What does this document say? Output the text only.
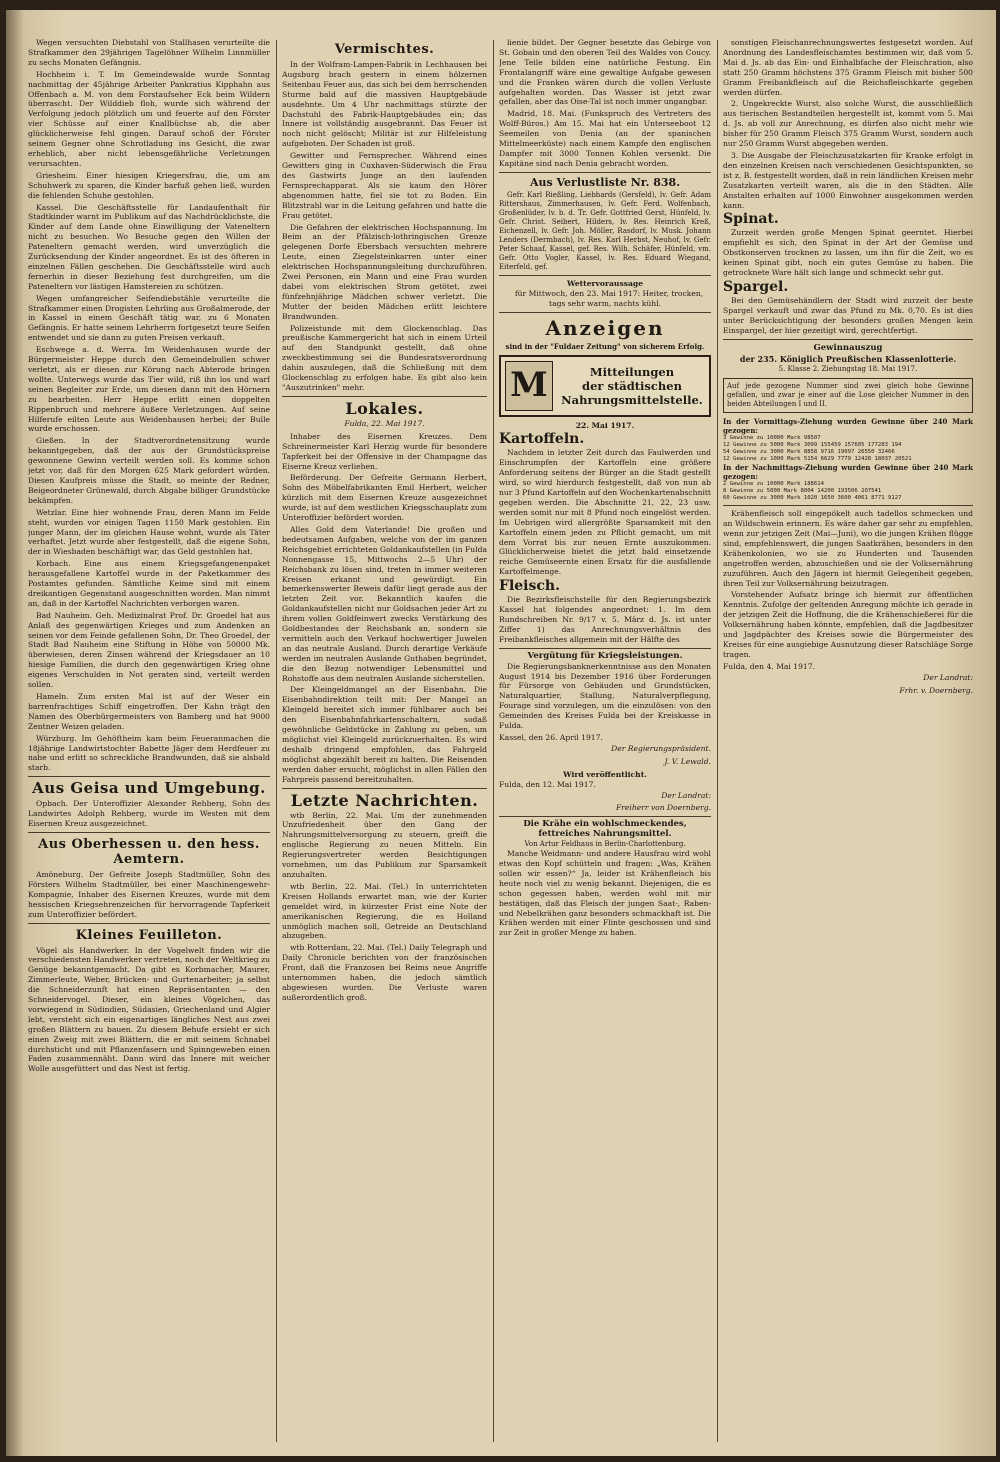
Wegen versuchten Diebstahl von Stallhasen verurteilte die Strafkammer den 29jährigen Tagelöhner Wilhelm Linnmüller zu sechs Monaten Gefängnis.

Hochheim i. T. Im Gemeindewalde wurde Sonntag nachmittag der 45jährige Arbeiter Pankratius Kipphahn aus Offenbach a. M. von dem Forstaufseher Eck beim Wildern überrascht. Der Wilddieb floh, wurde sich während der Verfolgung jedoch plötzlich um und feuerte auf den Förster vier Schüsse auf einer Knallbüchse ab, die aber glücklicherweise fehl gingen. Darauf schoß der Förster seinem Gegner ohne Schrotladung ins Gesicht, die zwar erheblich, aber nicht lebensgefährliche Verletzungen verursachten.

Griesheim. Einer hiesigen Kriegersfrau, die, um am Schuhwerk zu sparen, die Kinder barfuß gehen ließ, wurden die fehlenden Schuhe gestohlen.

Kassel. Die Geschäftsstelle für Landaufenthalt für Stadtkinder warnt im Publikum auf das Nachdrücklichste, die Kinder auf dem Lande ohne Einwilligung der Vateneltern nicht zu besuchen. Wo Besuche gegen den Willen der Pateneltern gemacht werden, wird unverzüglich die Zurücksendung der Kinder angeordnet. Es ist des öfteren in einzelnen Fällen geschehen. Die Geschäftsstelle wird auch fernerhin in dieser Beziehung fest durchgreifen, um die Pateneltern vor lästigen Hamstereien zu schützen.

Wegen umfangreicher Seifendiebstähle verurteilte die Strafkammer einen Drogisten Lehrling aus Großalmerode, der in Kassel in einem Geschäft tätig war, zu 6 Monaten Gefängnis. Er hatte seinem Lehrherrn fortgesetzt teure Seifen entwendet und sie dann zu guten Preisen verkauft.

Eschwege a. d. Werra. Im Weidenhausen wurde der Bürgermeister Heppe durch den Gemeindebullen schwer verletzt, als er diesen zur Körung nach Abterode bringen wollte. Unterwegs wurde das Tier wild, riß ihn los und warf seinen Begleiter zur Erde, um diesen dann mit den Hörnern zu bearbeiten. Herr Heppe erlitt einen doppelten Rippenbruch und mehrere äußere Verletzungen. Auf seine Hilferufe eilten Leute aus Weidenhausen herbei; der Bulle wurde erschossen.

Gießen. In der Stadtverordnetensitzung wurde bekanntgegeben, daß der aus der Grundstückspreise gewonnene Gewinn verteilt werden soll. Es komme schon jetzt vor, daß für den Morgen 625 Mark gefordert würden. Diesen Kaufpreis müsse die Stadt, so meinte der Redner, Beigeordneter Grünewald, durch Abgabe billiger Grundstücke bekämpfen.

Wetzlar. Eine hier wohnende Frau, deren Mann im Felde steht, wurden vor einigen Tagen 1150 Mark gestohlen. Ein junger Mann, der im gleichen Hause wohnt, wurde als Täter verhaftet. Jetzt wurde aber festgestellt, daß die eigene Sohn, der in Wiesbaden beschäftigt war, das Geld gestohlen hat.

Korbach. Eine aus einem Kriegsgefangenenpaket herausgefallene Kartoffel wurde in der Paketkammer des Postamtes gefunden. Sämtliche Keime sind mit einem dreikantigen Gegenstand ausgeschnitten worden. Man nimmt an, daß in der Kartoffel Nachrichten verborgen waren.

Bad Nauheim. Geh. Medizinalrat Prof. Dr. Groedel hat aus Anlaß des gegenwärtigen Krieges und zum Andenken an seinen vor dem Feinde gefallenen Sohn, Dr. Theo Groedel, der Stadt Bad Nauheim eine Stiftung in Höhe von 50000 Mk. überwiesen, deren Zinsen während der Kriegsdauer an 10 hiesige Familien, die durch den gegenwärtigen Krieg ohne eigenes Verschulden in Not geraten sind, verteilt werden sollen.

Hameln. Zum ersten Mal ist auf der Weser ein barrenfrachtiges Schiff eingetroffen. Der Kahn trägt den Namen des Oberbürgermeisters von Bamberg und hat 9000 Zentner Weizen geladen.

Würzburg. Im Gehöftheim kam beim Feueranmachen die 18jährige Landwirtstochter Babette Jäger dem Herdfeuer zu nahe und erlitt so schreckliche Brandwunden, daß sie alsbald starb.

Aus Geisa und Umgebung.

Opbach. Der Unteroffizier Alexander Rehberg, Sohn des Landwirtes Adolph Rehberg, wurde im Westen mit dem Eisernen Kreuz ausgezeichnet.

Aus Oberhessen u. den hess. Aemtern.

Amöneburg. Der Gefreite Joseph Stadtmüller, Sohn des Försters Wilhelm Stadtmüller, bei einer Maschinengewehr-Kompagnie, Inhaber des Eisernen Kreuzes, wurde mit dem hessischen Kriegsehrenzeichen für hervorragende Tapferkeit zum Unteroffizier befördert.

Kleines Feuilleton.

Vögel als Handwerker. In der Vogelwelt finden wir die verschiedensten Handwerker vertreten, noch der Weltkrieg zu Genüge bekanntgemacht. Da gibt es Korbmacher, Maurer, Zimmerleute, Weber, Brücken- und Gurtenarbeiter; ja selbst die Schneiderzunft hat einen Repräsentanten — den Schneidervogel. Dieser, ein kleines Vögelchen, das vorwiegend in Südindien, Südasien, Griechenland und Algier lebt, versteht sich ein eigenartiges längliches Nest aus zwei großen Blättern zu bauen. Zu diesem Behufe ersieht er sich einen Zweig mit zwei Blättern, die er mit seinem Schnabel durchsticht und mit Pflanzenfasern und Spinngeweben einen Faden zusammennäht. Dann wird das Innere mit weicher Wolle ausgefüttert und das Nest ist fertig.

Vermischtes.

In der Wolfram-Lampen-Fabrik in Lechhausen bei Augsburg brach gestern in einem hölzernen Seitenbau Feuer aus, das sich bei dem herrschenden Sturme bald auf die massiven Hauptgebäude ausdehnte. Um 4 Uhr nachmittags stürzte der Dachstuhl des Fabrik-Hauptgebäudes ein; das Innere ist vollständig ausgebrannt. Das Feuer ist noch nicht gelöscht; Militär ist zur Hilfeleistung aufgeboten. Der Schaden ist groß.

Gewitter und Fernsprecher. Während eines Gewitters ging in Cuxhaven-Süderwisch die Frau des Gastwirts Junge an den laufenden Fernsprechapparat. Als sie kaum den Hörer abgenommen hatte, fiel sie tot zu Boden. Ein Blitzstrahl war in die Leitung gefahren und hatte die Frau getötet.

Die Gefahren der elektrischen Hochspannung. Im Beim an der Pfälzisch-lothringischen Grenze gelegenen Dorfe Ebersbach versuchten mehrere Leute, einen Ziegelsteinkarren unter einer elektrischen Hochspannungsleitung durchzuführen. Zwei Personen, ein Mann und eine Frau wurden dabei vom elektrischen Strom getötet, zwei fünfzehnjährige Mädchen schwer verletzt. Die Mutter der beiden Mädchen erlitt leichtere Brandwunden.

Polizeistunde mit dem Glockenschlag. Das preußische Kammergericht hat sich in einem Urteil auf den Standpunkt gestellt, daß ohne zweckbestimmung sei die Bundesratsverordnung dahin auszulegen, daß die Schließung mit dem Glockenschlag zu erfolgen habe. Es gibt also kein "Auszutrinken" mehr.

Lokales.
Fulda, 22. Mai 1917.

Inhaber des Eisernen Kreuzes. Dem Schreinermeister Karl Herzig wurde für besondere Tapferkeit bei der Offensive in der Champagne das Eiserne Kreuz verliehen.

Beförderung. Der Gefreite Germann Herbert, Sohn des Möbelfabrikanten Emil Herbert, welcher kürzlich mit dem Eisernen Kreuze ausgezeichnet wurde, ist auf dem westlichen Kriegsschauplatz zum Unteroffizier befördert worden.

Alles Gold dem Vaterlande! Die großen und bedeutsamen Aufgaben, welche von der im ganzen Reichsgebiet errichteten Goldankaufstellen (in Fulda Nonnengasse 15, Mittwochs 2—5 Uhr) der Reichsbank zu lösen sind, treten in immer weiteren Kreisen erkannt und gewürdigt. Ein bemerkenswerter Beweis dafür liegt gerade aus der letzten Zeit vor. Bekanntlich kaufen die Goldankaufstellen nicht nur Goldsachen jeder Art zu ihrem vollen Goldfeinwert zwecks Verstärkung des Goldbestandes der Reichsbank an, sondern sie vermitteln auch den Verkauf hochwertiger Juwelen an das neutrale Ausland. Durch derartige Verkäufe werden im neutralen Auslande Guthaben begründet, die den Bezug notwendiger Lebensmittel und Rohstoffe aus dem neutralen Auslande sicherstellen.

Der Kleingeldmangel an der Eisenbahn. Die Eisenbahndirektion teilt mit: Der Mangel an Kleingeld bereitet sich immer fühlbarer auch bei den Eisenbahnfahrkartenschaltern, sodaß gewöhnliche Geldstücke in Zahlung zu geben, um möglichst viel Kleingeld zurückzuerhalten. Es wird deshalb dringend empfohlen, das Fahrgeld möglichst abgezählt bereit zu halten. Die Reisenden werden daher ersucht, möglichst in allen Fällen den Fahrpreis passend bereitzuhalten.

Letzte Nachrichten.

wtb Berlin, 22. Mai. Um der zunehmenden Unzufriedenheit über den Gang der Nahrungsmittelversorgung zu steuern, greift die englische Regierung zu neuen Mitteln. Ein Regierungsvertreter werden Besichtigungen vornehmen, um das Publikum zur Sparsamkeit anzuhalten.

wtb Berlin, 22. Mai. (Tel.) In unterrichteten Kreisen Hollands erwartet man, wie der Kurier gemeldet wird, in kürzester Frist eine Note der amerikanischen Regierung, die es Holland unmöglich machen soll, Getreide an Deutschland abzugeben.

wtb Rotterdam, 22. Mai. (Tel.) Daily Telegraph und Daily Chronicle berichten von der französischen Front, daß die Franzosen bei Reims neue Angriffe unternommen haben, die jedoch sämtlich abgewiesen wurden. Die Verluste waren außerordentlich groß.

lienie bildet. Der Gegner besetzte das Gebirge von St. Gobain und den oberen Teil des Waldes von Coucy. Jene Teile bilden eine natürliche Festung. Ein Frontalangriff wäre eine gewaltige Aufgabe gewesen und die Franken wären durch die vollen Verluste aufgehalten worden. Das Wasser ist jetzt zwar gefallen, aber das Oise-Tal ist noch immer ungangbar.

Madrid, 18. Mai. (Funkspruch des Vertreters des Wolff-Büros.) Am 15. Mai hat ein Unterseeboot 12 Seemeilen von Denia (an der spanischen Mittelmeerküste) nach einem Kampfe den englischen Dampfer mit 3000 Tonnen Kohlen versenkt. Die Kapitäne sind nach Denia gebracht worden.

Aus Verlustliste Nr. 838.

Gefr. Karl Rießling, Liebhards (Gersfeld), lv. Gefr. Adam Rittershaus, Zimmerhausen, lv. Gefr. Ferd. Wolfenbach, Großenlüder, lv. b. d. Tr. Gefr. Gottfried Gerst, Hünfeld, lv. Gefr. Christ. Seibert, Hilders, lv. Res. Heinrich Kreß, Eichenzell, lv. Gefr. Joh. Möller, Rasdorf, lv. Musk. Johann Lenders (Dermbach), lv. Res. Karl Herbst, Neuhof, lv. Gefr. Peter Schaaf, Kassel, gef. Res. Wilh. Schäfer, Hünfeld, vm. Gefr. Otto Vogler, Kassel, lv. Res. Eduard Wiegand, Eiterfeld, gef.

Wettervoraussage

für Mittwoch, den 23. Mai 1917: Heiter, trocken, tags sehr warm, nachts kühl.

Anzeigen
sind in der "Fuldaer Zeitung" von sicherem Erfolg.
M	Mitteilungen
der städtischen
Nahrungsmittelstelle.
22. Mai 1917.
Kartoffeln.

Nachdem in letzter Zeit durch das Faulwerden und Einschrumpfen der Kartoffeln eine größere Anforderung seitens der Bürger an die Stadt gestellt wird, so wird hierdurch festgestellt, daß von nun ab nur 3 Pfund Kartoffeln auf den Wochenkartenabschnitt gegeben werden. Die Abschnitte 21, 22, 23 usw. werden somit nur mit 8 Pfund noch eingelöst werden. Im Uebrigen wird allergrößte Sparsamkeit mit den Kartoffeln einem jeden zu Pflicht gemacht, um mit dem Vorrat bis zur neuen Ernte auszukommen. Glücklicherweise bietet die jetzt bald einsetzende reiche Gemüseernte einen Ersatz für die ausfallende Kartoffelmenge.

Fleisch.

Die Bezirksfleischstelle für den Regierungsbezirk Kassel hat folgendes angeordnet: 1. Im dem Rundschreiben Nr. 9/17 v. 5. März d. Js. ist unter Ziffer 1) das Anrechnungsverhältnis des Freibankfleisches allgemein mit der Hälfte des

Vergütung für Kriegsleistungen.

Die Regierungsbanknerkenntnisse aus den Monaten August 1914 bis Dezember 1916 über Forderungen für Fürsorge von Gebäuden und Grundstücken, Naturalquartier, Stallung, Naturalverpflegung, Fourage sind vorzulegen, um die einzulösen: von den Gemeinden des Kreises Fulda bei der Kreiskasse in Fulda.

Kassel, den 26. April 1917.
Der Regierungspräsident.
J. V. Lewald.
Wird veröffentlicht.
Fulda, den 12. Mai 1917.
Der Landrat:
Freiherr von Doernberg.
Die Krähe ein wohlschmeckendes, fettreiches Nahrungsmittel.
Von Artur Feldhaus in Berlin-Charlottenburg.

Manche Weidmann- und andere Hausfrau wird wohl etwas den Kopf schütteln und fragen: „Was, Krähen sollen wir essen?“ Ja, leider ist Krähenfleisch bis heute noch viel zu wenig bekannt. Diejenigen, die es schon gegessen haben, werden wohl mit mir bestätigen, daß das Fleisch der jungen Saat-, Raben- und Nebelkrähen ganz besonders schmackhaft ist. Die Krähen werden mit einer Flinte geschossen und sind zur Zeit in großer Menge zu haben.

sonstigen Fleischanrechnungswertes festgesetzt worden. Auf Anordnung des Landesfleischamtes bestimmen wir, daß vom 5. Mai d. Js. ab das Ein- und Einhalbfache der Fleischration, also statt 250 Gramm höchstens 375 Gramm Fleisch mit bisher 500 Gramm Freibankfleisch auf die Reichsfleischkarte gegeben werden dürfen.

2. Ungekreckte Wurst, also solche Wurst, die ausschließlich aus tierischen Bestandteilen hergestellt ist, kommt vom 5. Mai d. Js. ab voll zur Anrechnung, es dürfen also nicht mehr wie bisher für 250 Gramm Fleisch 375 Gramm Wurst, sondern auch nur 250 Gramm Wurst abgegeben werden.

3. Die Ausgabe der Fleischzusatzkarten für Kranke erfolgt in den einzelnen Kreisen nach verschiedenen Gesichtspunkten, so ist z. B. festgestellt worden, daß in rein ländlichen Kreisen mehr Zusatzkarten verteilt waren, als die in den Städten. Alle Anstalten erhalten auf 1000 Einwohner ausgekommen werden kann.

Spinat.

Zurzeit werden große Mengen Spinat geerntet. Hierbei empfiehlt es sich, den Spinat in der Art der Gemüse und Obstkonserven trocknen zu lassen, um ihn für die Zeit, wo es keinen Spinat gibt, noch ein gutes Gemüse zu haben. Die getrocknete Ware hält sich lange und schmeckt sehr gut.

Spargel.

Bei den Gemüsehändlern der Stadt wird zurzeit der beste Spargel verkauft und zwar das Pfund zu Mk. 0,70. Es ist dies unter Berücksichtigung der besonders großen Mengen kein Einspargel, der hier gezeitigt wird, gerechtfertigt.

Gewinnauszug
der 235. Königlich Preußischen Klassenlotterie.
5. Klasse 2. Ziehungstag 18. Mai 1917.
Auf jede gezogene Nummer sind zwei gleich hohe Gewinne gefallen, und zwar je einer auf die Lose gleicher Nummer in den beiden Abteilungen I und II.
In der Vormittags-Ziehung wurden Gewinne über 240 Mark gezogen:
3 Gewinne zu 10000 Mark 98507
12 Gewinne zu 5000 Mark 3099 155459 157605 177283 194
54 Gewinne zu 3000 Mark 8858 9716 19097 26550 32466
12 Gewinne zu 1000 Mark 5154 6629 7779 12428 18037 20521
In der Nachmittags-Ziehung wurden Gewinne über 240 Mark gezogen:
2 Gewinne zu 10000 Mark 188614
8 Gewinne zu 5000 Mark 8004 14200 193506 207541
60 Gewinne zu 3000 Mark 1020 1650 3600 4061 8771 9127

Krähenfleisch soll eingepökelt auch tadellos schmecken und an Wildschwein erinnern. Es wäre daher gar sehr zu empfehlen, wenn zur jetzigen Zeit (Mai—Juni), wo die jungen Krähen flügge sind, empfehlenswert, die jungen Saatkrähen, besonders in den Krähenkolonien, wo sie zu Hunderten und Tausenden angetroffen werden, abzuschießen und sie der Volksernährung zuzuführen. Auch den Jägern ist hiermit Gelegenheit gegeben, ihren Teil zur Volksernährung beizutragen.

Vorstehender Aufsatz bringe ich hiermit zur öffentlichen Kenntnis. Zufolge der geltenden Anregung möchte ich gerade in der jetzigen Zeit die Hoffnung, die die Krähenschießerei für die Volksernährung haben könnte, empfehlen, daß die Jagdbesitzer und Jagdpächter des Kreises sowie die Bürgermeister des Kreises für eine ausgiebige Ausnutzung dieser Ratschläge Sorge tragen.

Fulda, den 4. Mai 1917.
Der Landrat:
Frhr. v. Doernberg.
